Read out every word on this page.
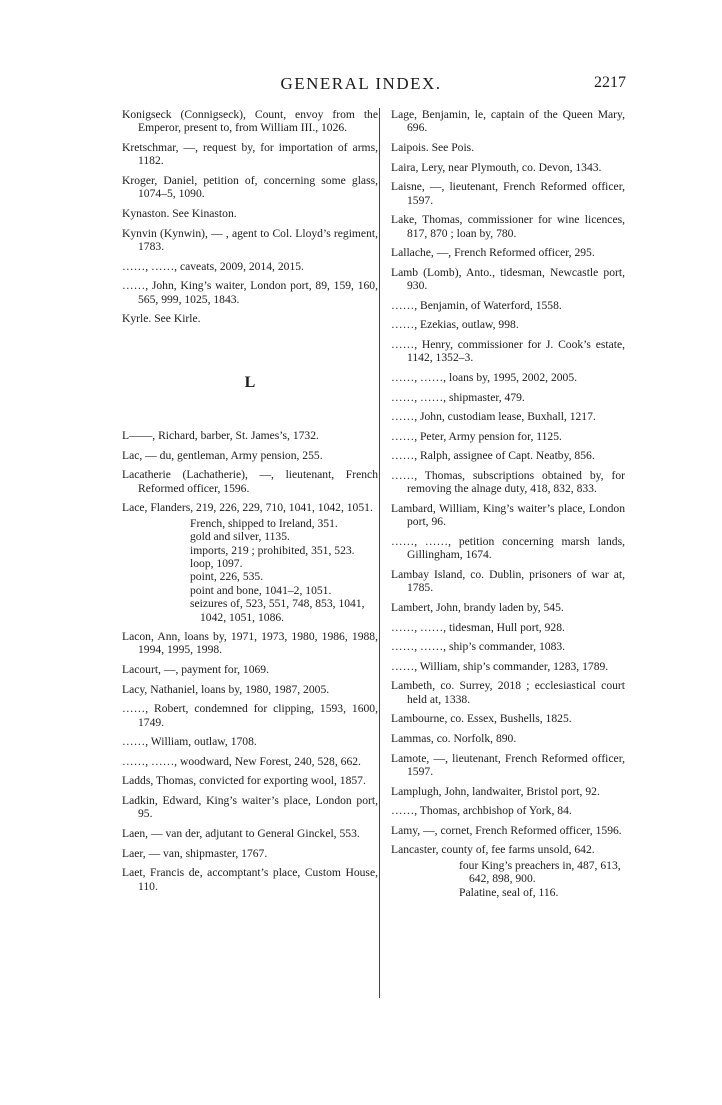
GENERAL INDEX.	2217

Konigseck (Connigseck), Count, envoy from the Emperor, present to, from William III., 1026.

Kretschmar, —, request by, for importation of arms, 1182.

Kroger, Daniel, petition of, concerning some glass, 1074–5, 1090.

Kynaston. See Kinaston.

Kynvin (Kynwin), — , agent to Col. Lloyd’s regiment, 1783.

……, ……, caveats, 2009, 2014, 2015.

……, John, King’s waiter, London port, 89, 159, 160, 565, 999, 1025, 1843.

Kyrle. See Kirle.

L

L——, Richard, barber, St. James’s, 1732.

Lac, — du, gentleman, Army pension, 255.

Lacatherie (Lachatherie), —, lieutenant, French Reformed officer, 1596.

Lace, Flanders, 219, 226, 229, 710, 1041, 1042, 1051.

French, shipped to Ireland, 351.

gold and silver, 1135.

imports, 219 ; prohibited, 351, 523.

loop, 1097.

point, 226, 535.

point and bone, 1041–2, 1051.

seizures of, 523, 551, 748, 853, 1041, 1042, 1051, 1086.

Lacon, Ann, loans by, 1971, 1973, 1980, 1986, 1988, 1994, 1995, 1998.

Lacourt, —, payment for, 1069.

Lacy, Nathaniel, loans by, 1980, 1987, 2005.

……, Robert, condemned for clipping, 1593, 1600, 1749.

……, William, outlaw, 1708.

……, ……, woodward, New Forest, 240, 528, 662.

Ladds, Thomas, convicted for exporting wool, 1857.

Ladkin, Edward, King’s waiter’s place, London port, 95.

Laen, — van der, adjutant to General Ginckel, 553.

Laer, — van, shipmaster, 1767.

Laet, Francis de, accomptant’s place, Custom House, 110.

Lage, Benjamin, le, captain of the Queen Mary, 696.

Laipois. See Pois.

Laira, Lery, near Plymouth, co. Devon, 1343.

Laisne, —, lieutenant, French Reformed officer, 1597.

Lake, Thomas, commissioner for wine licences, 817, 870 ; loan by, 780.

Lallache, —, French Reformed officer, 295.

Lamb (Lomb), Anto., tidesman, Newcastle port, 930.

……, Benjamin, of Waterford, 1558.

……, Ezekias, outlaw, 998.

……, Henry, commissioner for J. Cook’s estate, 1142, 1352–3.

……, ……, loans by, 1995, 2002, 2005.

……, ……, shipmaster, 479.

……, John, custodiam lease, Buxhall, 1217.

……, Peter, Army pension for, 1125.

……, Ralph, assignee of Capt. Neatby, 856.

……, Thomas, subscriptions obtained by, for removing the alnage duty, 418, 832, 833.

Lambard, William, King’s waiter’s place, London port, 96.

……, ……, petition concerning marsh lands, Gillingham, 1674.

Lambay Island, co. Dublin, prisoners of war at, 1785.

Lambert, John, brandy laden by, 545.

……, ……, tidesman, Hull port, 928.

……, ……, ship’s commander, 1083.

……, William, ship’s commander, 1283, 1789.

Lambeth, co. Surrey, 2018 ; ecclesiastical court held at, 1338.

Lambourne, co. Essex, Bushells, 1825.

Lammas, co. Norfolk, 890.

Lamote, —, lieutenant, French Reformed officer, 1597.

Lamplugh, John, landwaiter, Bristol port, 92.

……, Thomas, archbishop of York, 84.

Lamy, —, cornet, French Reformed officer, 1596.

Lancaster, county of, fee farms unsold, 642.

four King’s preachers in, 487, 613, 642, 898, 900.

Palatine, seal of, 116.
